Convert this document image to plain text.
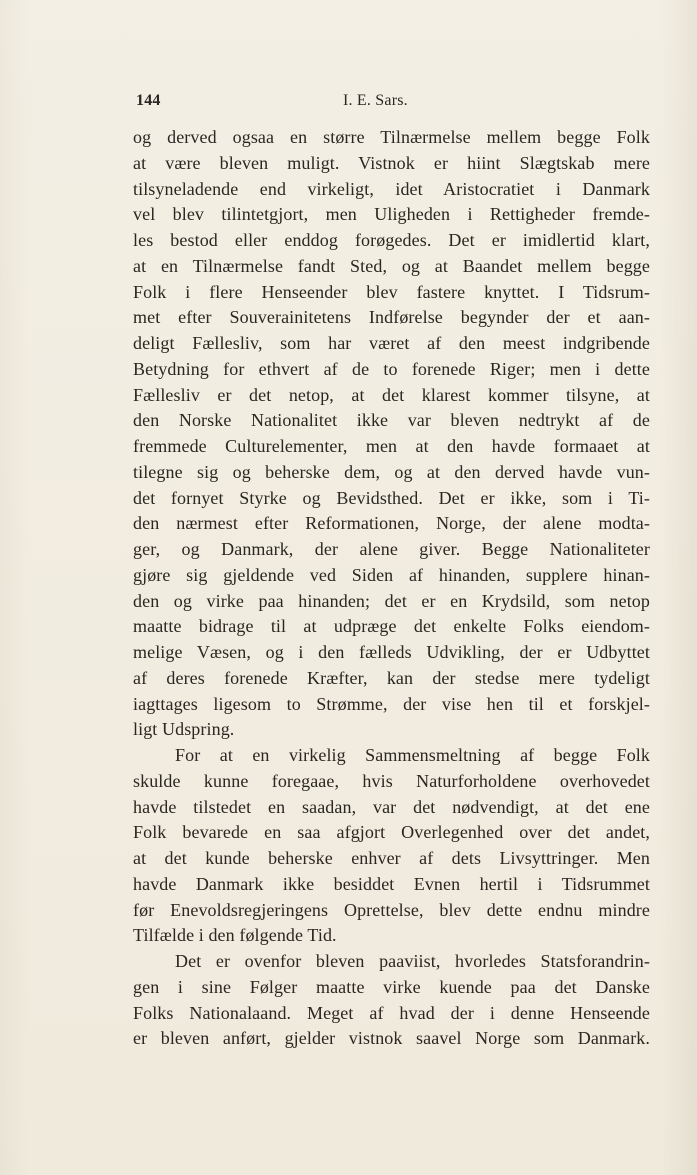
144	I. E. Sars.
og derved ogsaa en større Tilnærmelse mellem begge Folk
at være bleven muligt. Vistnok er hiint Slægtskab mere
tilsyneladende end virkeligt, idet Aristocratiet i Danmark
vel blev tilintetgjort, men Uligheden i Rettigheder fremde-
les bestod eller enddog forøgedes. Det er imidlertid klart,
at en Tilnærmelse fandt Sted, og at Baandet mellem begge
Folk i flere Henseender blev fastere knyttet. I Tidsrum-
met efter Souverainitetens Indførelse begynder der et aan-
deligt Fællesliv, som har været af den meest indgribende
Betydning for ethvert af de to forenede Riger; men i dette
Fællesliv er det netop, at det klarest kommer tilsyne, at
den Norske Nationalitet ikke var bleven nedtrykt af de
fremmede Culturelementer, men at den havde formaaet at
tilegne sig og beherske dem, og at den derved havde vun-
det fornyet Styrke og Bevidsthed. Det er ikke, som i Ti-
den nærmest efter Reformationen, Norge, der alene modta-
ger, og Danmark, der alene giver. Begge Nationaliteter
gjøre sig gjeldende ved Siden af hinanden, supplere hinan-
den og virke paa hinanden; det er en Krydsild, som netop
maatte bidrage til at udpræge det enkelte Folks eiendom-
melige Væsen, og i den fælleds Udvikling, der er Udbyttet
af deres forenede Kræfter, kan der stedse mere tydeligt
iagttages ligesom to Strømme, der vise hen til et forskjel-
ligt Udspring.
For at en virkelig Sammensmeltning af begge Folk
skulde kunne foregaae, hvis Naturforholdene overhovedet
havde tilstedet en saadan, var det nødvendigt, at det ene
Folk bevarede en saa afgjort Overlegenhed over det andet,
at det kunde beherske enhver af dets Livsyttringer. Men
havde Danmark ikke besiddet Evnen hertil i Tidsrummet
før Enevoldsregjeringens Oprettelse, blev dette endnu mindre
Tilfælde i den følgende Tid.
Det er ovenfor bleven paaviist, hvorledes Statsforandrin-
gen i sine Følger maatte virke kuende paa det Danske
Folks Nationalaand. Meget af hvad der i denne Henseende
er bleven anført, gjelder vistnok saavel Norge som Danmark.
